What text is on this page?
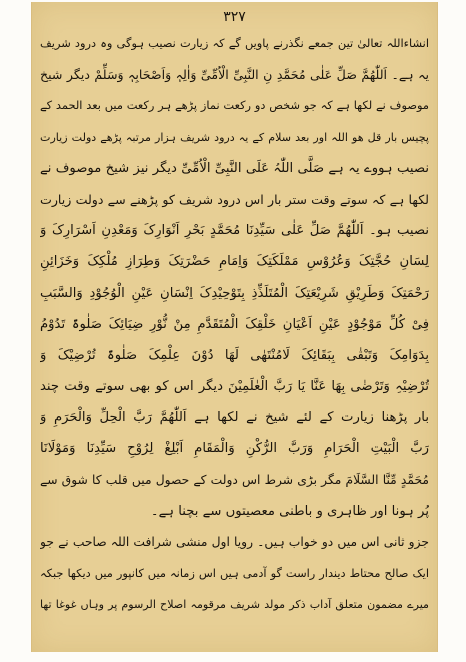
۳۲۷
انشاءاللہ تعالیٰ تین جمعے نگذرنے پاویں گے کہ زیارت نصیب ہوگی وہ درود شریف
یہ ہے۔ اَللّٰھُمَّ صَلِّ عَلٰی مُحَمَّدِ نِ النَّبِیِّ الْاُمِّیِّ وَاٰلِہٖ وَاَصْحَابِہٖ وَسَلِّمْ دیگر شیخ
موصوف نے لکھا ہے کہ جو شخص دو رکعت نماز پڑھے ہر رکعت میں بعد الحمد کے
پچیس بار قل ھو اللہ اور بعد سلام کے یہ درود شریف ہزار مرتبہ پڑھے دولت زیارت
نصیب ہووے یہ ہے صَلَّی اللّٰہُ عَلَی النَّبِیِّ الْاُمِّیِّ دیگر نیز شیخ موصوف نے
لکھا ہے کہ سوتے وقت ستر بار اس درود شریف کو پڑھنے سے دولت زیارت
نصیب ہو۔ اَللّٰھُمَّ صَلِّ عَلٰی سَیِّدِنَا مُحَمَّدٍ بَحْرِ اَنْوَارِکَ وَمَعْدِنِ اَسْرَارِکَ وَ
لِسَانِ حُجَّتِکَ وَعُرُوْسِ مَمْلَکَتِکَ وَاِمَامِ حَضْرَتِکَ وَطِرَازِ مُلْکِکَ وَخَزَائِنِ
رَحْمَتِکَ وَطَرِیْقِ شَرِیْعَتِکَ الْمُتَلَذِّذِ بِتَوْحِیْدِکَ اِنْسَانِ عَیْنِ الْوُجُوْدِ وَالسَّبَبِ
فِیْ کُلِّ مَوْجُوْدٍ عَیْنِ اَعْیَانِ خَلْقِکَ الْمُتَقَدَّمِ مِنْ نُّوْرِ ضِیَائِکَ صَلٰوۃً تَدُوْمُ
بِدَوَامِکَ وَتَبْقٰی بِبَقَائِکَ لَامُنْتَھٰی لَھَا دُوْنَ عِلْمِکَ صَلٰوۃً تُرْضِیْکَ وَ
تُرْضِیْہِ وَتَرْضٰی بِھَا عَنَّا یَا رَبَّ الْعٰلَمِیْنَ دیگر اس کو بھی سوتے وقت چند
بار پڑھنا زیارت کے لئے شیخ نے لکھا ہے اَللّٰھُمَّ رَبَّ الْحِلِّ وَالْحَرَمِ وَ
رَبَّ الْبَیْتِ الْحَرَامِ وَرَبَّ الرُّکْنِ وَالْمَقَامِ اَبْلِغْ لِرُوْحِ سَیِّدِنَا وَمَوْلَانَا
مُحَمَّدٍ مِّنَّا السَّلَامَ مگر بڑی شرط اس دولت کے حصول میں قلب کا شوق سے
پُر ہونا اور ظاہری و باطنی معصیتوں سے بچنا ہے۔
جزو ثانی اس میں دو خواب ہیں۔ رویا اول منشی شرافت اللہ صاحب نے جو
ایک صالح محتاط دیندار راست گو آدمی ہیں اس زمانہ میں کانپور میں دیکھا جبکہ
میرے مضمون متعلق آداب ذکر مولد شریف مرقومہ اصلاح الرسوم پر وہاں غوغا تھا
